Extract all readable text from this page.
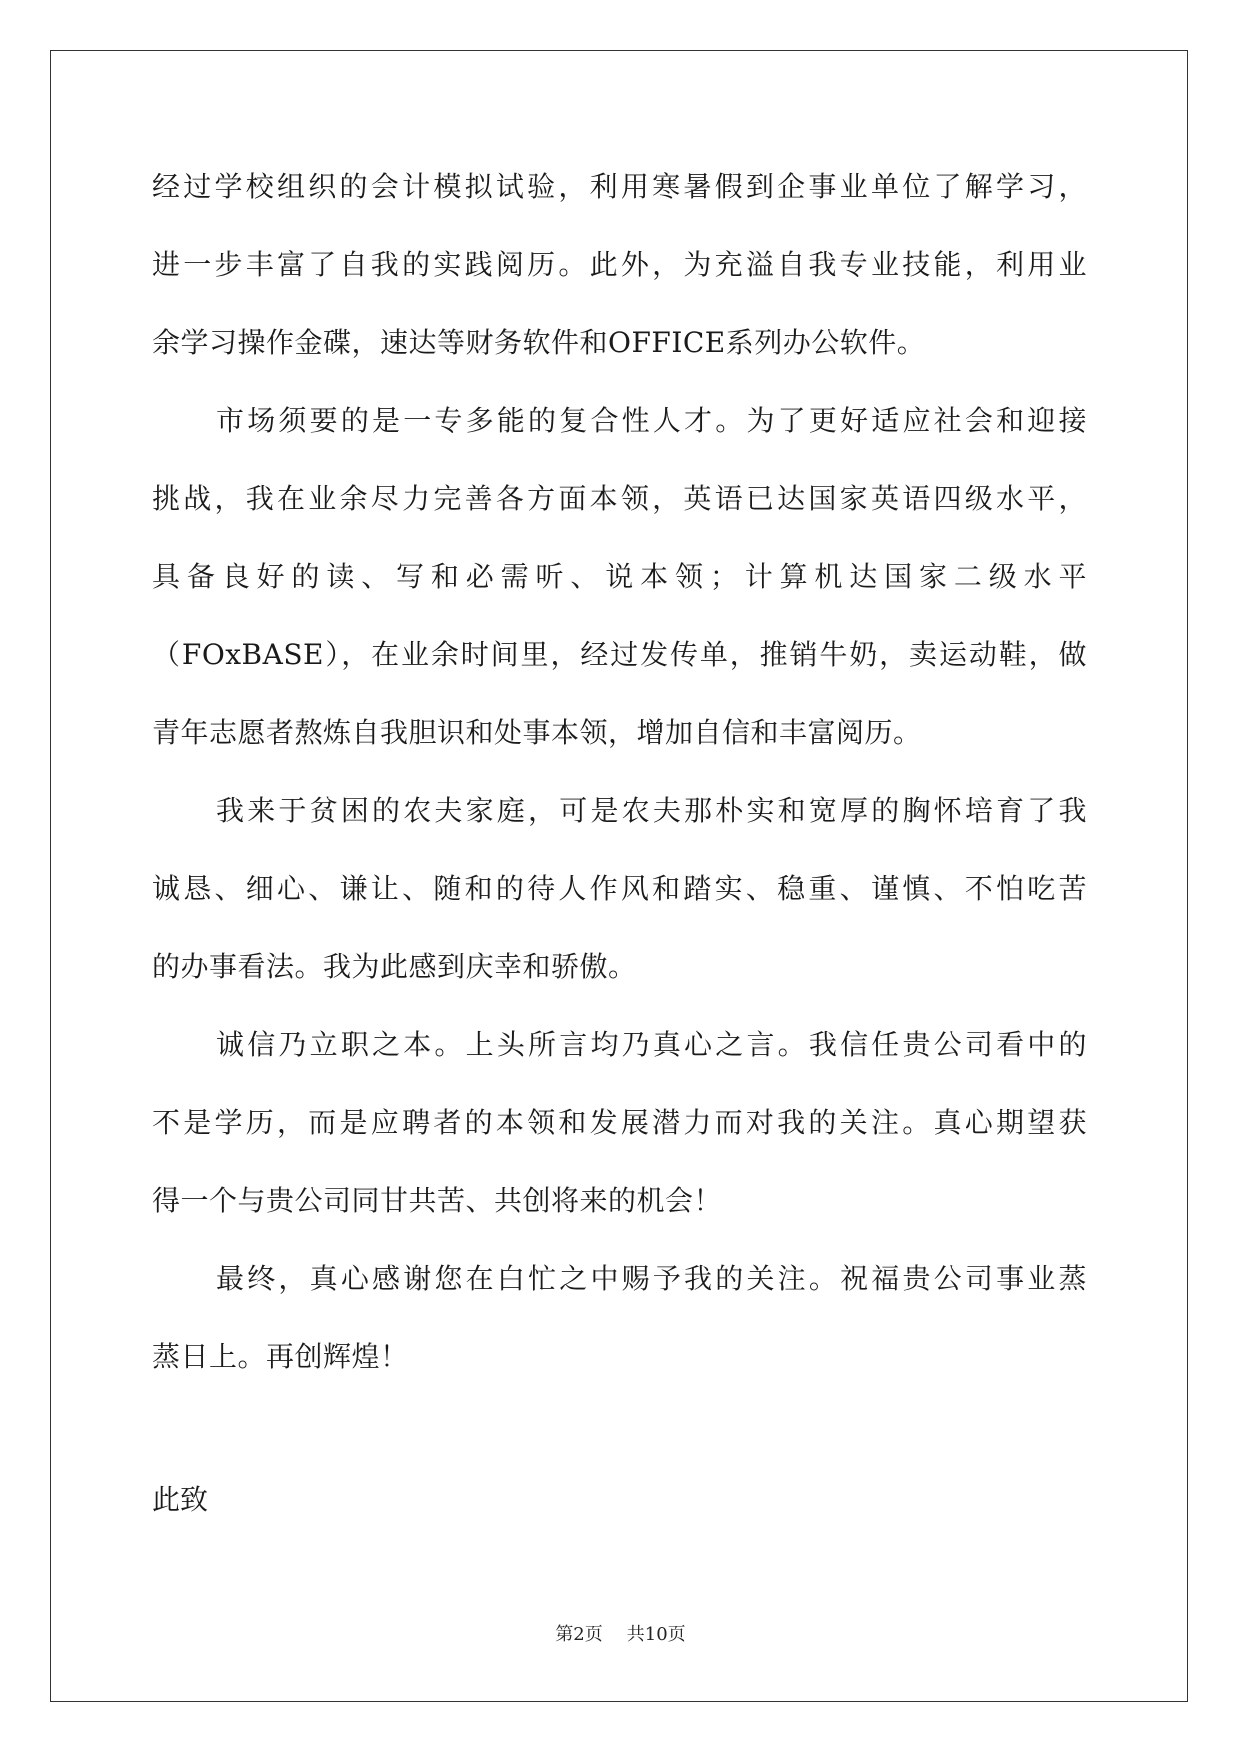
经过学校组织的会计模拟试验，利用寒暑假到企事业单位了解学习，
进一步丰富了自我的实践阅历。此外，为充溢自我专业技能，利用业
余学习操作金碟，速达等财务软件和OFFICE系列办公软件。
市场须要的是一专多能的复合性人才。为了更好适应社会和迎接
挑战，我在业余尽力完善各方面本领，英语已达国家英语四级水平，
具备良好的读、写和必需听、说本领；计算机达国家二级水平
（FOxBASE），在业余时间里，经过发传单，推销牛奶，卖运动鞋，做
青年志愿者熬炼自我胆识和处事本领，增加自信和丰富阅历。
我来于贫困的农夫家庭，可是农夫那朴实和宽厚的胸怀培育了我
诚恳、细心、谦让、随和的待人作风和踏实、稳重、谨慎、不怕吃苦
的办事看法。我为此感到庆幸和骄傲。
诚信乃立职之本。上头所言均乃真心之言。我信任贵公司看中的
不是学历，而是应聘者的本领和发展潜力而对我的关注。真心期望获
得一个与贵公司同甘共苦、共创将来的机会！
最终，真心感谢您在白忙之中赐予我的关注。祝福贵公司事业蒸
蒸日上。再创辉煌！
此致
第2页 共10页
